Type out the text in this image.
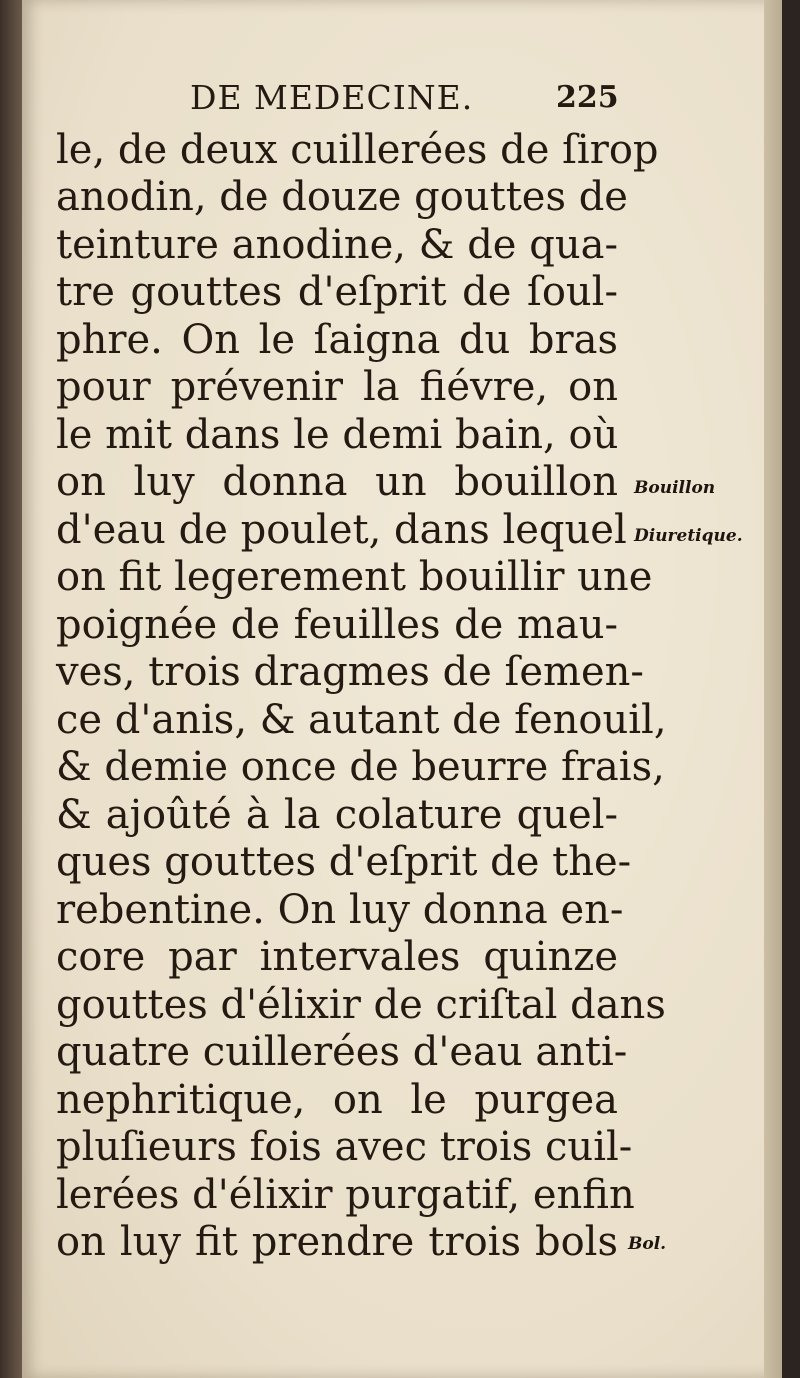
DE MEDECINE.	225
le, de deux cuillerées de ſirop
anodin, de douze gouttes de
teinture anodine, & de qua-
tre gouttes d'eſprit de ſoul-
phre. On le ſaigna du bras
pour prévenir la fiévre, on
le mit dans le demi bain, où
on luy donna un bouillon
d'eau de poulet, dans lequel
on fit legerement bouillir une
poignée de feuilles de mau-
ves, trois dragmes de ſemen-
ce d'anis, & autant de fenouil,
& demie once de beurre frais,
& ajoûté à la colature quel-
ques gouttes d'eſprit de the-
rebentine. On luy donna en-
core par intervales quinze
gouttes d'élixir de criſtal dans
quatre cuillerées d'eau anti-
nephritique, on le purgea
pluſieurs fois avec trois cuil-
lerées d'élixir purgatif, enfin
on luy fit prendre trois bols
Bouillon
Diuretique.
Bol.
